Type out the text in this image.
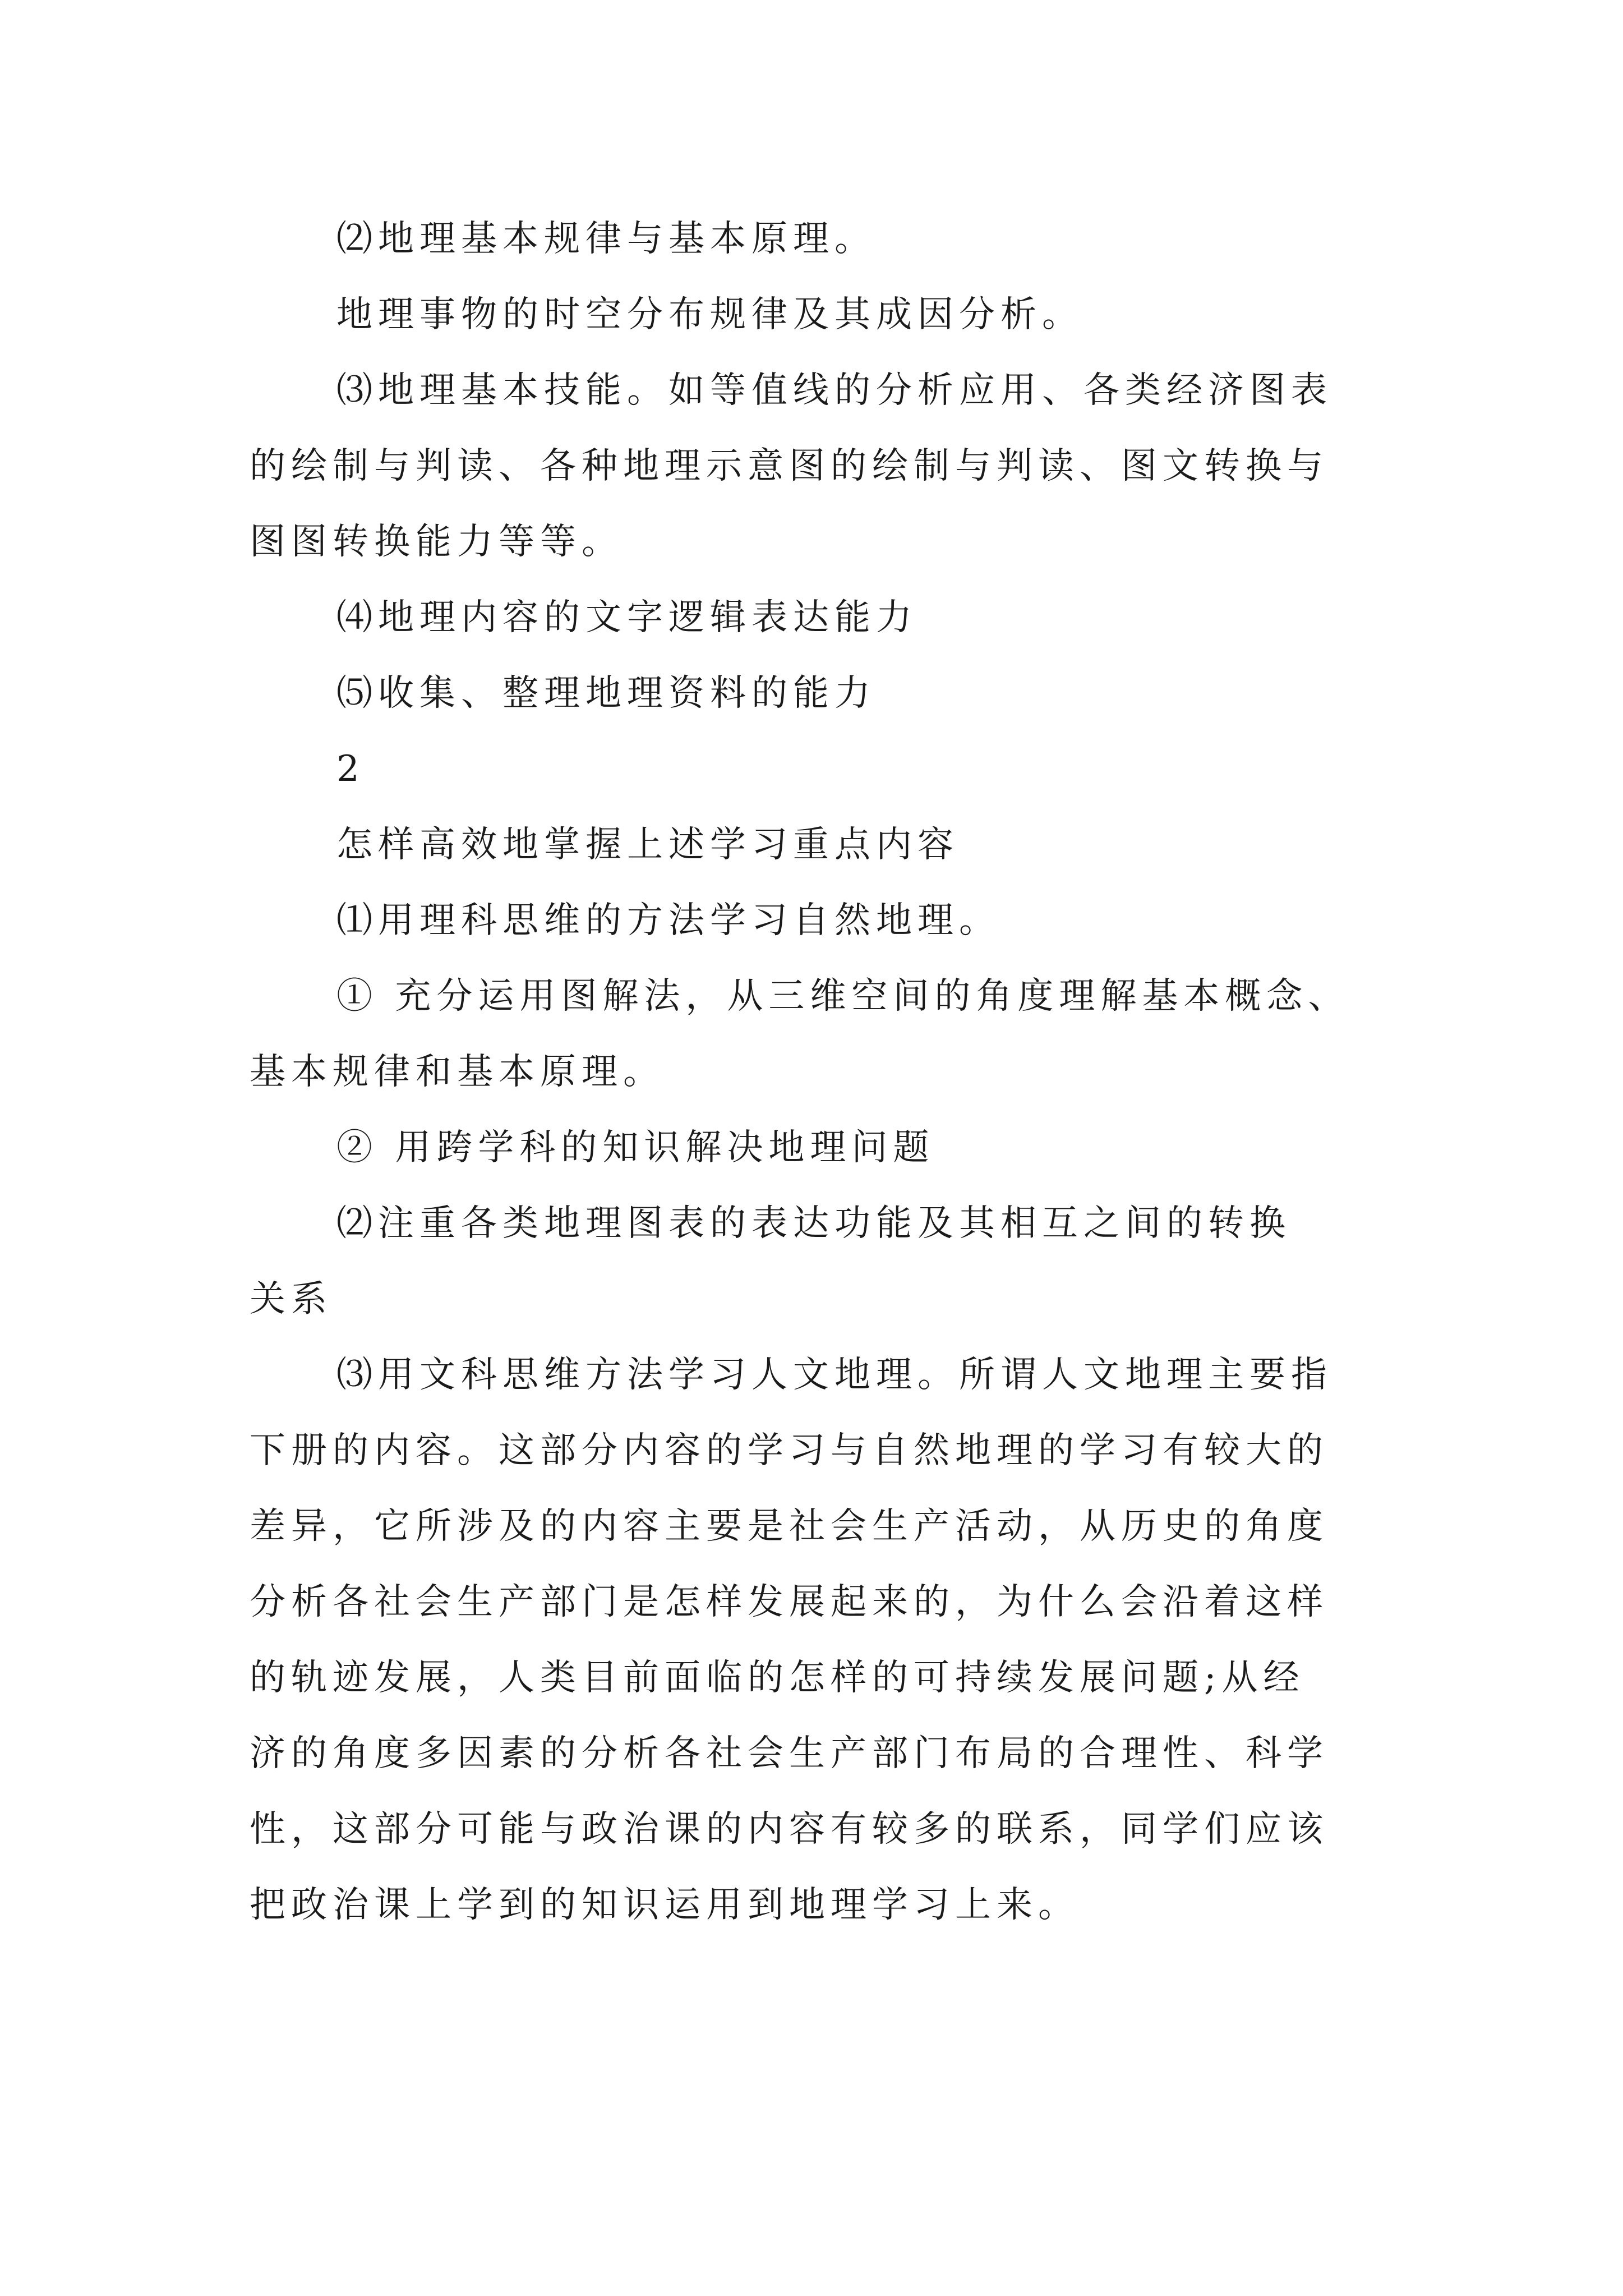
⑵地理基本规律与基本原理。
地理事物的时空分布规律及其成因分析。
⑶地理基本技能。如等值线的分析应用、各类经济图表
的绘制与判读、各种地理示意图的绘制与判读、图文转换与
图图转换能力等等。
⑷地理内容的文字逻辑表达能力
⑸收集、整理地理资料的能力
2
怎样高效地掌握上述学习重点内容
⑴用理科思维的方法学习自然地理。
① 充分运用图解法，从三维空间的角度理解基本概念、
基本规律和基本原理。
② 用跨学科的知识解决地理问题
⑵注重各类地理图表的表达功能及其相互之间的转换
关系
⑶用文科思维方法学习人文地理。所谓人文地理主要指
下册的内容。这部分内容的学习与自然地理的学习有较大的
差异，它所涉及的内容主要是社会生产活动，从历史的角度
分析各社会生产部门是怎样发展起来的，为什么会沿着这样
的轨迹发展，人类目前面临的怎样的可持续发展问题;从经
济的角度多因素的分析各社会生产部门布局的合理性、科学
性，这部分可能与政治课的内容有较多的联系，同学们应该
把政治课上学到的知识运用到地理学习上来。
